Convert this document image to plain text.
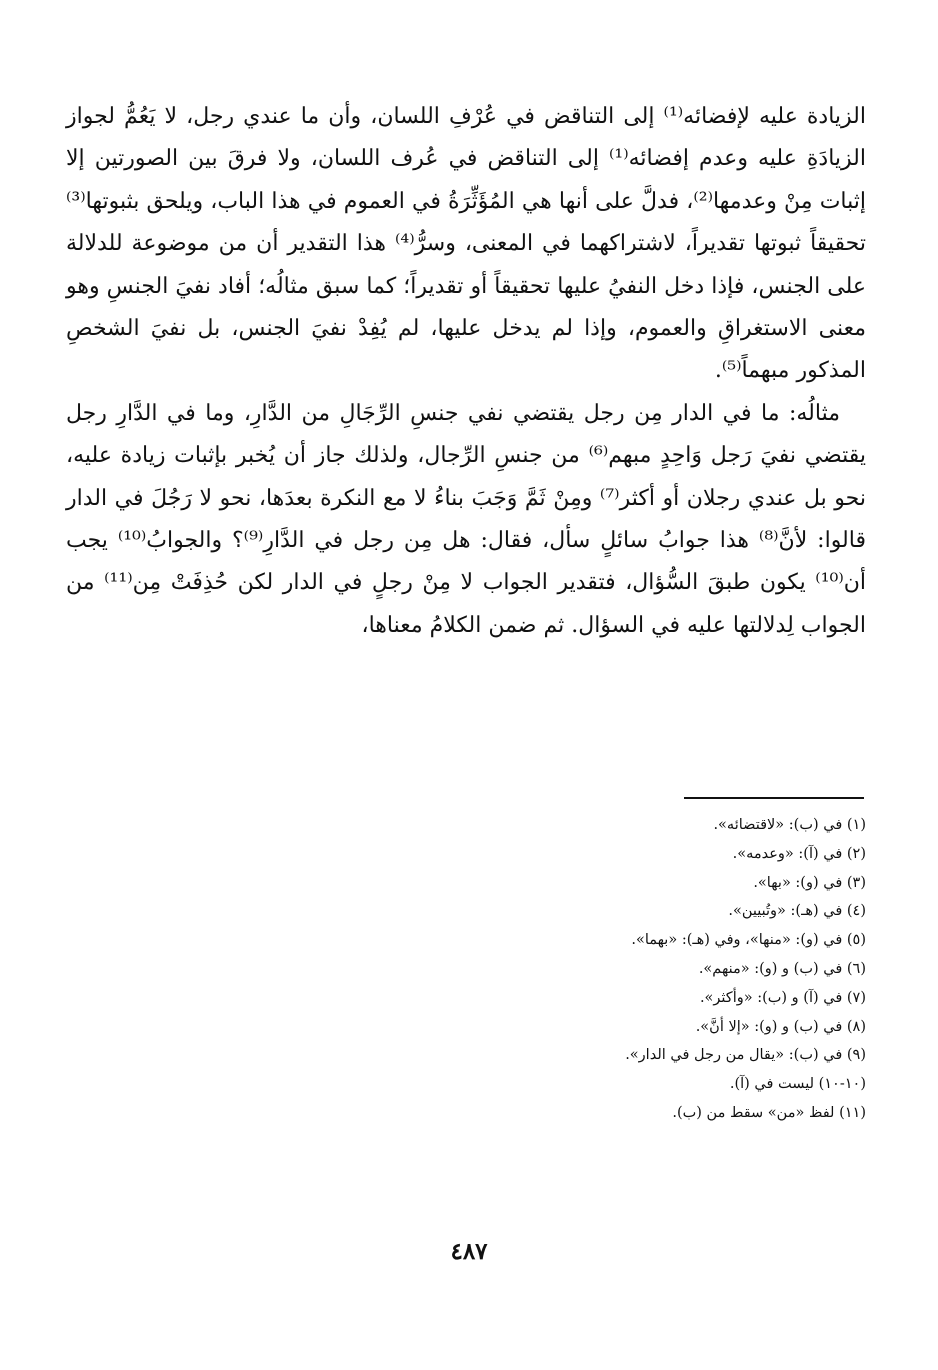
الزيادة عليه لإفضائه⁽¹⁾ إلى التناقض في عُرْفِ اللسان، وأن ما عندي رجل، لا يَعُمُّ لجواز الزيادَةِ عليه وعدم إفضائه⁽¹⁾ إلى التناقض في عُرف اللسان، ولا فرقَ بين الصورتين إلا إثبات مِنْ وعدمها⁽²⁾، فدلَّ على أنها هي المُؤَثِّرَةُ في العموم في هذا الباب، ويلحق بثبوتها⁽³⁾ تحقيقاً ثبوتها تقديراً، لاشتراكهما في المعنى، وسرُّ⁽⁴⁾ هذا التقدير أن من موضوعة للدلالة على الجنس، فإذا دخل النفيُ عليها تحقيقاً أو تقديراً؛ كما سبق مثالُه؛ أفاد نفيَ الجنسِ وهو معنى الاستغراقِ والعموم، وإذا لم يدخل عليها، لم يُفِدْ نفيَ الجنس، بل نفيَ الشخصِ المذكور مبهماً⁽⁵⁾.

مثالُه: ما في الدار مِن رجل يقتضي نفي جنسِ الرِّجَالِ من الدَّارِ، وما في الدَّارِ رجل يقتضي نفيَ رَجل وَاحِدٍ مبهم⁽⁶⁾ من جنسِ الرِّجال، ولذلك جاز أن يُخبر بإثبات زيادة عليه، نحو بل عندي رجلان أو أكثر⁽⁷⁾ ومِنْ ثَمَّ وَجَبَ بناءُ لا مع النكرة بعدَها، نحو لا رَجُلَ في الدار قالوا: لأنَّ⁽⁸⁾ هذا جوابُ سائلٍ سأل، فقال: هل مِن رجل في الدَّارِ⁽⁹⁾؟ والجوابُ⁽¹⁰⁾ يجب أن⁽¹⁰⁾ يكون طبقَ السُّؤال، فتقدير الجواب لا مِنْ رجلٍ في الدار لكن حُذِفَتْ مِن⁽¹¹⁾ من الجواب لِدلالتها عليه في السؤال. ثم ضمن الكلامُ معناها،

(١) في (ب): «لاقتضائه».
(٢) في (آ): «وعدمه».
(٣) في (و): «بها».
(٤) في (هـ): «وتُبيين».
(٥) في (و): «منها»، وفي (هـ): «بهما».
(٦) في (ب) و (و): «منهم».
(٧) في (آ) و (ب): «وأكثر».
(٨) في (ب) و (و): «إلا أنَّ».
(٩) في (ب): «يقال من رجل في الدار».
(١٠-١٠) ليست في (آ).
(١١) لفظ «من» سقط من (ب).
٤٨٧
